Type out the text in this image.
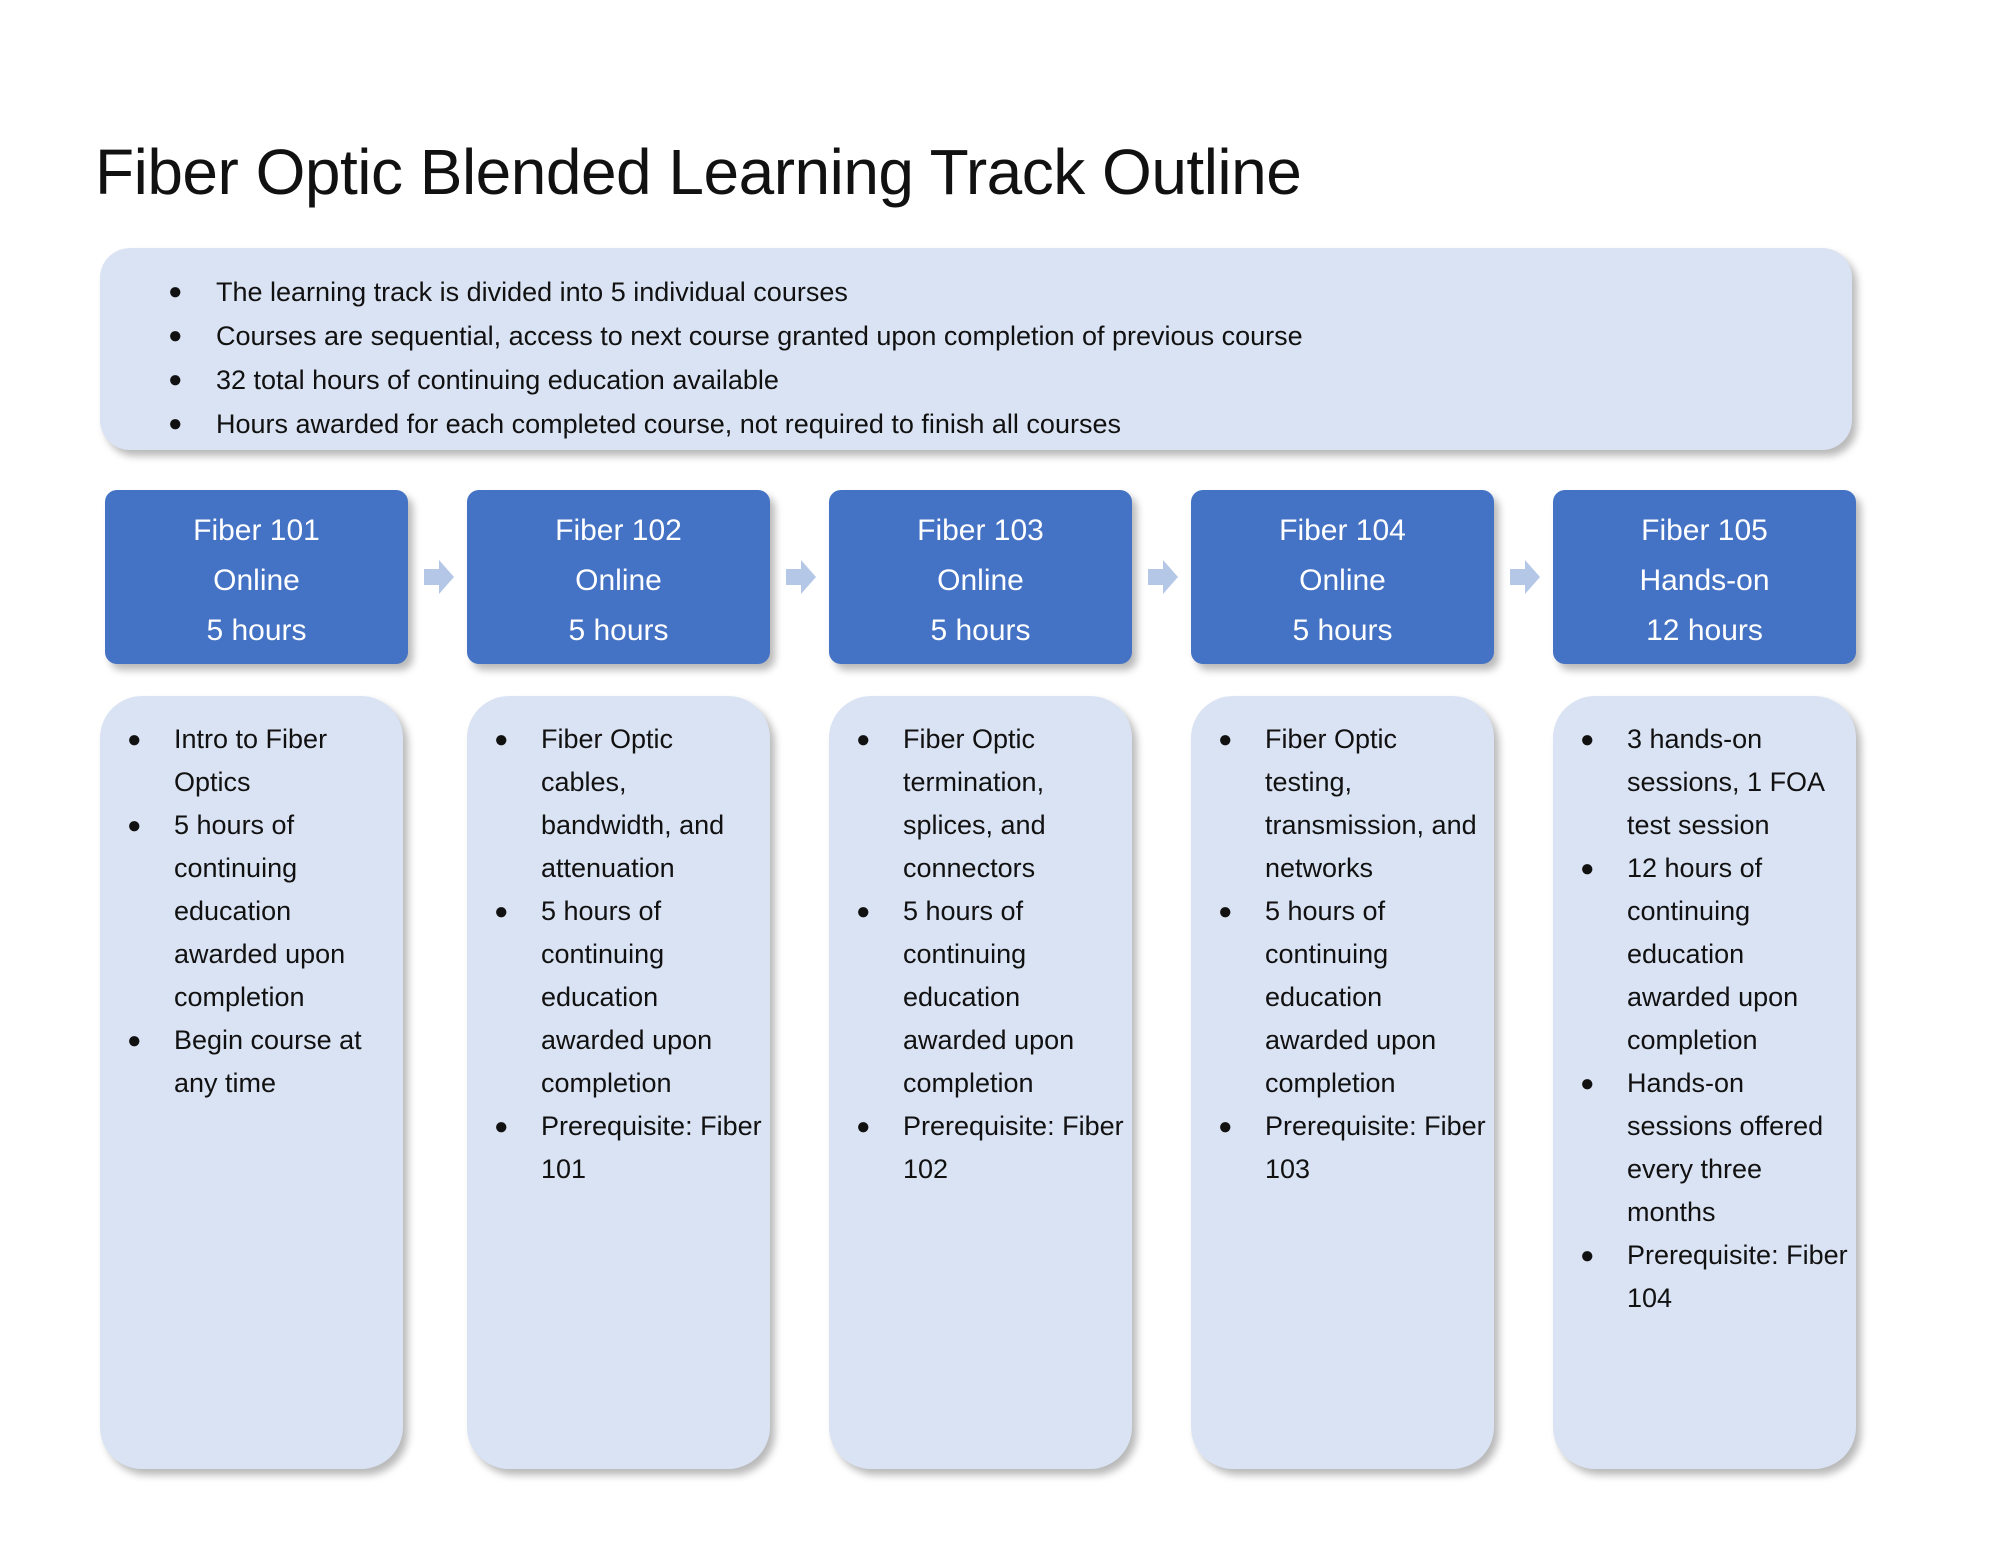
Fiber Optic Blended Learning Track Outline
● The learning track is divided into 5 individual courses
● Courses are sequential, access to next course granted upon completion of previous course
● 32 total hours of continuing education available
● Hours awarded for each completed course, not required to finish all courses
Fiber 101
Online
5 hours
Fiber 102
Online
5 hours
Fiber 103
Online
5 hours
Fiber 104
Online
5 hours
Fiber 105
Hands-on
12 hours
● Intro to Fiber Optics
● 5 hours of continuing education awarded upon completion
● Begin course at any time
● Fiber Optic cables, bandwidth, and attenuation
● 5 hours of continuing education awarded upon completion
● Prerequisite: Fiber 101
● Fiber Optic termination, splices, and connectors
● 5 hours of continuing education awarded upon completion
● Prerequisite: Fiber 102
● Fiber Optic testing, transmission, and networks
● 5 hours of continuing education awarded upon completion
● Prerequisite: Fiber 103
● 3 hands-on sessions, 1 FOA test session
● 12 hours of continuing education awarded upon completion
● Hands-on sessions offered every three months
● Prerequisite: Fiber 104
